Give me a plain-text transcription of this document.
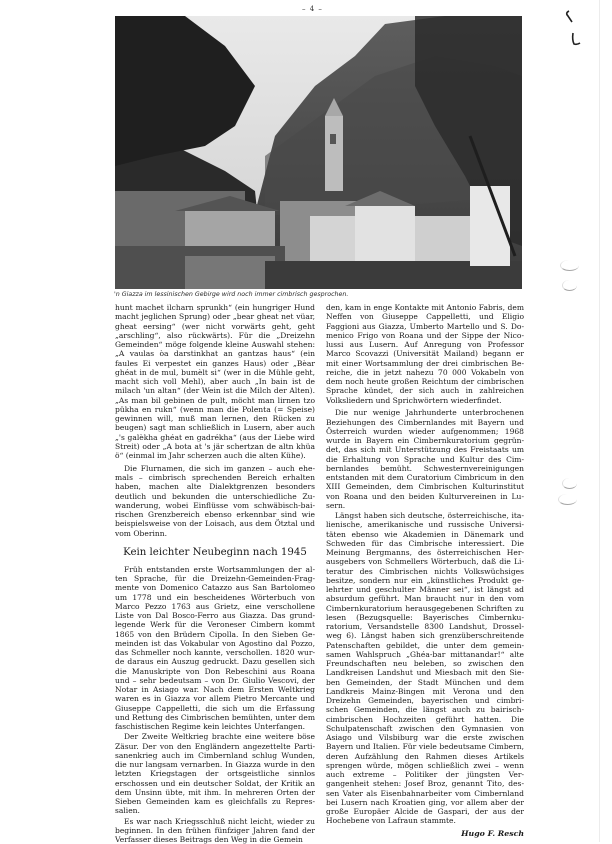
– 4 –
'n Giazza im lessinischen Gebirge wird noch immer cimbrisch gesprochen.

hunt machet ilcharn sprunkh“ (ein hungriger Hund macht jeglichen Sprung) oder „bear gheat net vüar, gheat eersing“ (wer nicht vorwärts geht, geht „arschling“, also rückwärts). Für die „Dreizehn Gemeinden“ möge folgende kleine Auswahl stehen: „A vaulas òa darstinkhat an gantzas haus“ (ein faules Ei verpestet ein ganzes Haus) oder „Bèar ghéat in de mul, bumèlt si“ (wer in die Mühle geht, macht sich voll Mehl), aber auch „In bain ist de milach 'un altan“ (der Wein ist die Milch der Alten). „As man bil gebinen de pult, möcht man lirnen tzo pükha en rukn“ (wenn man die Polenta (= Speise) gewinnen will, muß man lernen, den Rücken zu beugen) sagt man schließlich in Lusern, aber auch „'s galèkha ghéat en gadrékha“ (aus der Liebe wird Streit) oder „A bota at 's jär schertzan de altn khüa ö“ (einmal im Jahr scherzen auch die alten Kühe).

Die Flurnamen, die sich im ganzen – auch ehemals – cimbrisch sprechenden Bereich erhalten haben, machen alte Dialektgrenzen besonders deutlich und bekunden die unterschiedliche Zuwanderung, wobei Einflüsse vom schwäbisch-bairischen Grenzbereich ebenso erkennbar sind wie beispielsweise von der Loisach, aus dem Ötztal und vom Oberinn.

Kein leichter Neubeginn nach 1945

Früh entstanden erste Wortsammlungen der alten Sprache, für die Dreizehn-Gemeinden-Fragmente von Domenico Catazzo aus San Bartolomeo um 1778 und ein bescheidenes Wörterbuch von Marco Pezzo 1763 aus Grietz, eine verschollene Liste von Dal Bosco-Ferro aus Giazza. Das grundlegende Werk für die Veroneser Cimbern kommt 1865 von den Brüdern Cipolla. In den Sieben Gemeinden ist das Vokabular von Agostino dal Pozzo, das Schmeller noch kannte, verschollen. 1820 wurde daraus ein Auszug gedruckt. Dazu gesellen sich die Manuskripte von Don Rebeschini aus Roana und – sehr bedeutsam – von Dr. Giulio Vescovi, der Notar in Asiago war. Nach dem Ersten Weltkrieg waren es in Giazza vor allem Pietro Mercante und Giuseppe Cappelletti, die sich um die Erfassung und Rettung des Cimbrischen bemühten, unter dem faschistischen Regime kein leichtes Unterfangen.

Der Zweite Weltkrieg brachte eine weitere böse Zäsur. Der von den Engländern angezettelte Partisanenkrieg auch im Cimbernland schlug Wunden, die nur langsam vernarben. In Giazza wurde in den letzten Kriegstagen der ortsgeistliche sinnlos erschossen und ein deutscher Soldat, der Kritik an dem Unsinn übte, mit ihm. In mehreren Orten der Sieben Gemeinden kam es gleichfalls zu Repressalien.

Es war nach Kriegsschluß nicht leicht, wieder zu beginnen. In den frühen fünfziger Jahren fand der Verfasser dieses Beitrags den Weg in die Gemein

den, kam in enge Kontakte mit Antonio Fabris, dem Neffen von Giuseppe Cappelletti, und Eligio Faggioni aus Giazza, Umberto Martello und S. Domenico Frigo von Roana und der Sippe der Nicolussi aus Lusern. Auf Anregung von Professor Marco Scovazzi (Universität Mailand) begann er mit einer Wortsammlung der drei cimbrischen Bereiche, die in jetzt nahezu 70 000 Vokabeln von dem noch heute großen Reichtum der cimbrischen Sprache kündet, der sich auch in zahlreichen Volksliedern und Sprichwörtern wiederfindet.

Die nur wenige Jahrhunderte unterbrochenen Beziehungen des Cimbernlandes mit Bayern und Österreich wurden wieder aufgenommen; 1968 wurde in Bayern ein Cimbernkuratorium gegründet, das sich mit Unterstützung des Freistaats um die Erhaltung von Sprache und Kultur des Cimbernlandes bemüht. Schwesternvereinigungen entstanden mit dem Curatorium Cimbricum in den XIII Gemeinden, dem Cimbrischen Kulturinstitut von Roana und den beiden Kulturvereinen in Lusern.

Längst haben sich deutsche, österreichische, italienische, amerikanische und russische Universitäten ebenso wie Akademien in Dänemark und Schweden für das Cimbrische interessiert. Die Meinung Bergmanns, des österreichischen Herausgebers von Schmellers Wörterbuch, daß die Literatur des Cimbrischen nichts Volkswüchsiges besitze, sondern nur ein „künstliches Produkt gelehrter und geschulter Männer sei“, ist längst ad absurdum geführt. Man braucht nur in den vom Cimbernkuratorium herausgegebenen Schriften zu lesen (Bezugsquelle: Bayerisches Cimbernkuratorium, Versandstelle 8300 Landshut, Drosselweg 6). Längst haben sich grenzüberschreitende Patenschaften gebildet, die unter dem gemeinsamen Wahlspruch „Ghéa-bar mittanandar!“ alte Freundschaften neu beleben, so zwischen den Landkreisen Landshut und Miesbach mit den Sieben Gemeinden, der Stadt München und dem Landkreis Mainz-Bingen mit Verona und den Dreizehn Gemeinden, bayerischen und cimbrischen Gemeinden, die längst auch zu bairisch-cimbrischen Hochzeiten geführt hatten. Die Schulpatenschaft zwischen den Gymnasien von Asiago und Vilsbiburg war die erste zwischen Bayern und Italien. Für viele bedeutsame Cimbern, deren Aufzählung den Rahmen dieses Artikels sprengen würde, mögen schließlich zwei – wenn auch extreme – Politiker der jüngsten Vergangenheit stehen: Josef Broz, genannt Tito, dessen Vater als Eisenbahnarbeiter vom Cimbernland bei Lusern nach Kroatien ging, vor allem aber der große Europäer Alcide de Gaspari, der aus der Hochebene von Lafraun stammte.

Hugo F. Resch
